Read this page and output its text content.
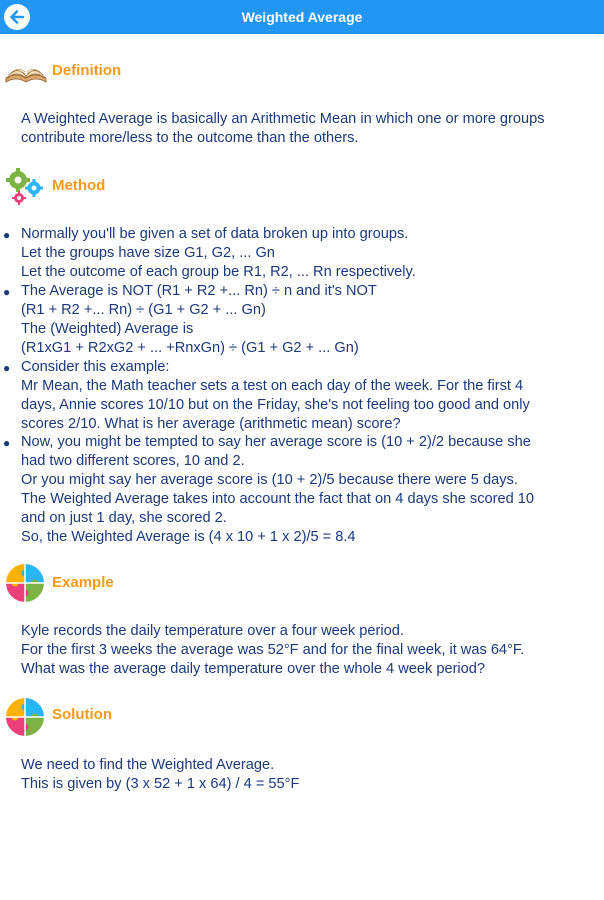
Weighted Average
Definition
A Weighted Average is basically an Arithmetic Mean in which one or more groups
contribute more/less to the outcome than the others.
Method
● Normally you'll be given a set of data broken up into groups.
Let the groups have size G1, G2, ... Gn
Let the outcome of each group be R1, R2, ... Rn respectively.
● The Average is NOT (R1 + R2 +... Rn) ÷ n and it's NOT
(R1 + R2 +... Rn) ÷ (G1 + G2 + ... Gn)
The (Weighted) Average is
(R1xG1 + R2xG2 + ... +RnxGn) ÷ (G1 + G2 + ... Gn)
● Consider this example:
Mr Mean, the Math teacher sets a test on each day of the week. For the first 4
days, Annie scores 10/10 but on the Friday, she's not feeling too good and only
scores 2/10. What is her average (arithmetic mean) score?
● Now, you might be tempted to say her average score is (10 + 2)/2 because she
had two different scores, 10 and 2.
Or you might say her average score is (10 + 2)/5 because there were 5 days.
The Weighted Average takes into account the fact that on 4 days she scored 10
and on just 1 day, she scored 2.
So, the Weighted Average is (4 x 10 + 1 x 2)/5 = 8.4
Example
Kyle records the daily temperature over a four week period.
For the first 3 weeks the average was 52°F and for the final week, it was 64°F.
What was the average daily temperature over the whole 4 week period?
Solution
We need to find the Weighted Average.
This is given by (3 x 52 + 1 x 64) / 4 = 55°F
